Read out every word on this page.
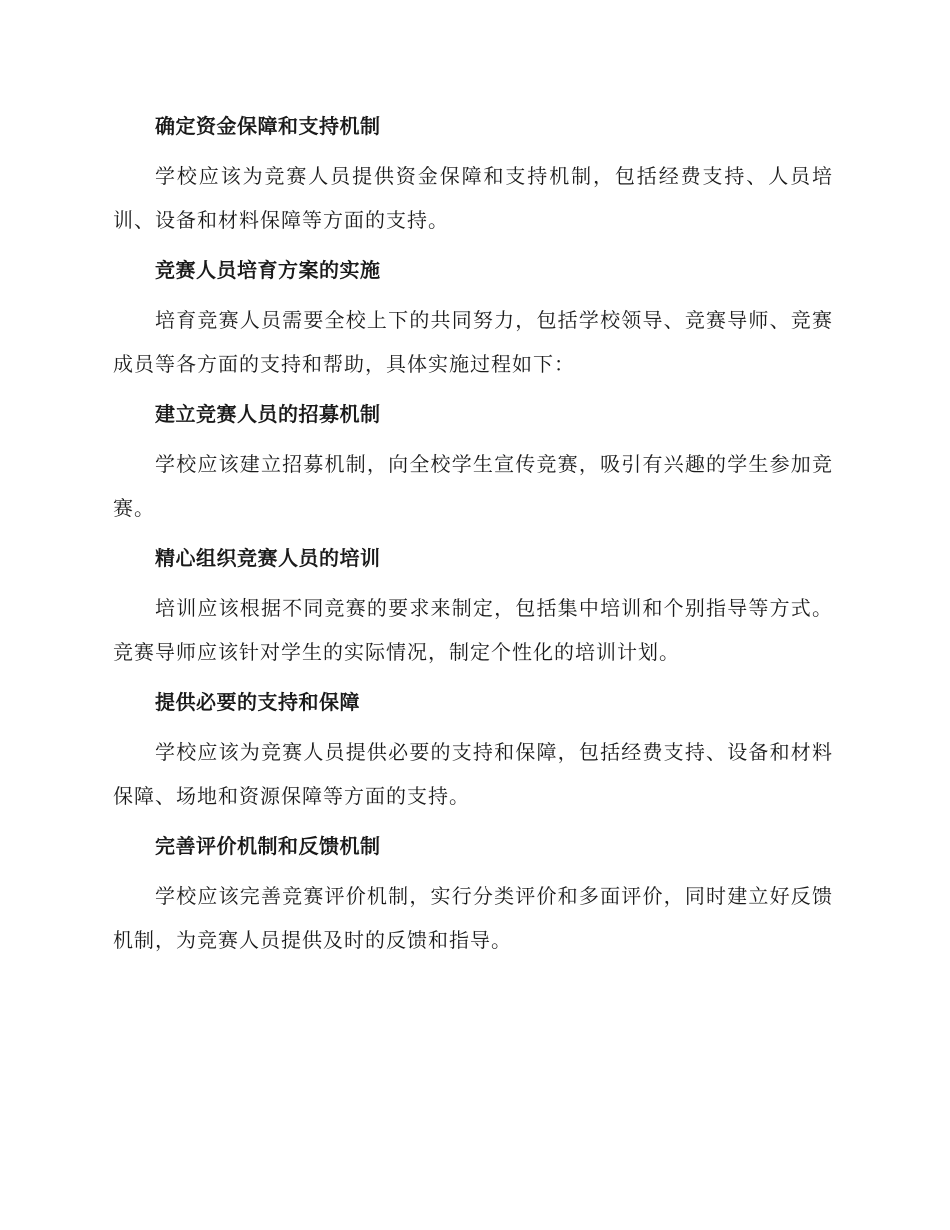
确定资金保障和支持机制

学校应该为竞赛人员提供资金保障和支持机制，包括经费支持、人员培训、设备和材料保障等方面的支持。

竞赛人员培育方案的实施

培育竞赛人员需要全校上下的共同努力，包括学校领导、竞赛导师、竞赛成员等各方面的支持和帮助，具体实施过程如下：

建立竞赛人员的招募机制

学校应该建立招募机制，向全校学生宣传竞赛，吸引有兴趣的学生参加竞赛。

精心组织竞赛人员的培训

培训应该根据不同竞赛的要求来制定，包括集中培训和个别指导等方式。竞赛导师应该针对学生的实际情况，制定个性化的培训计划。

提供必要的支持和保障

学校应该为竞赛人员提供必要的支持和保障，包括经费支持、设备和材料保障、场地和资源保障等方面的支持。

完善评价机制和反馈机制

学校应该完善竞赛评价机制，实行分类评价和多面评价，同时建立好反馈机制，为竞赛人员提供及时的反馈和指导。
